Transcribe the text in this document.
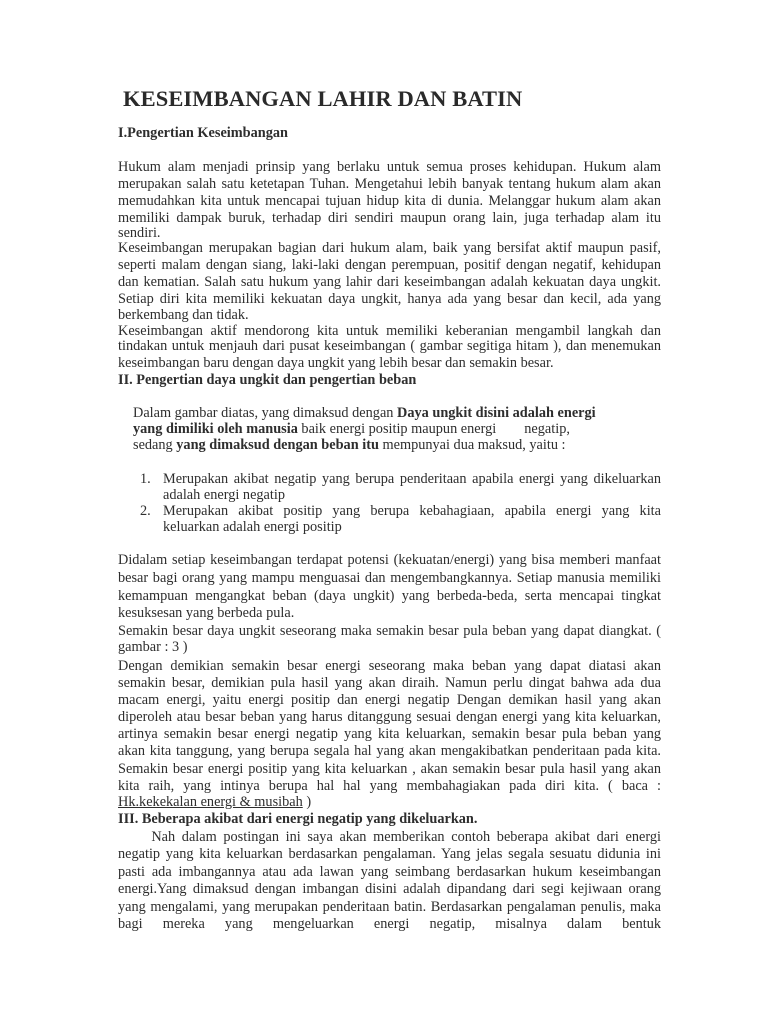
KESEIMBANGAN LAHIR DAN BATIN
I.Pengertian Keseimbangan
Hukum alam menjadi prinsip yang berlaku untuk semua proses kehidupan. Hukum alam
merupakan salah satu ketetapan Tuhan. Mengetahui lebih banyak tentang hukum alam akan
memudahkan kita untuk mencapai tujuan hidup kita di dunia. Melanggar hukum alam akan
memiliki dampak buruk, terhadap diri sendiri maupun orang lain, juga terhadap alam itu
sendiri.
Keseimbangan merupakan bagian dari hukum alam, baik yang bersifat aktif maupun pasif,
seperti malam dengan siang, laki-laki dengan perempuan, positif dengan negatif, kehidupan
dan kematian. Salah satu hukum yang lahir dari keseimbangan adalah kekuatan daya ungkit.
Setiap diri kita memiliki kekuatan daya ungkit, hanya ada yang besar dan kecil, ada yang
berkembang dan tidak.
Keseimbangan aktif mendorong kita untuk memiliki keberanian mengambil langkah dan
tindakan untuk menjauh dari pusat keseimbangan ( gambar segitiga hitam ), dan menemukan
keseimbangan baru dengan daya ungkit yang lebih besar dan semakin besar.
II. Pengertian daya ungkit dan pengertian beban
Dalam gambar diatas, yang dimaksud dengan Daya ungkit disini adalah energi
yang dimiliki oleh manusia baik energi positip maupun energi negatip,
sedang yang dimaksud dengan beban itu mempunyai dua maksud, yaitu :
1. Merupakan akibat negatip yang berupa penderitaan apabila energi yang dikeluarkan
adalah energi negatip
2. Merupakan akibat positip yang berupa kebahagiaan, apabila energi yang kita
keluarkan adalah energi positip
Didalam setiap keseimbangan terdapat potensi (kekuatan/energi) yang bisa memberi manfaat
besar bagi orang yang mampu menguasai dan mengembangkannya. Setiap manusia memiliki
kemampuan mengangkat beban (daya ungkit) yang berbeda-beda, serta mencapai tingkat
kesuksesan yang berbeda pula.
Semakin besar daya ungkit seseorang maka semakin besar pula beban yang dapat diangkat. (
gambar : 3 )
Dengan demikian semakin besar energi seseorang maka beban yang dapat diatasi akan
semakin besar, demikian pula hasil yang akan diraih. Namun perlu dingat bahwa ada dua
macam energi, yaitu energi positip dan energi negatip Dengan demikan hasil yang akan
diperoleh atau besar beban yang harus ditanggung sesuai dengan energi yang kita keluarkan,
artinya semakin besar energi negatip yang kita keluarkan, semakin besar pula beban yang
akan kita tanggung, yang berupa segala hal yang akan mengakibatkan penderitaan pada kita.
Semakin besar energi positip yang kita keluarkan , akan semakin besar pula hasil yang akan
kita raih, yang intinya berupa hal hal yang membahagiakan pada diri kita. ( baca :
Hk.kekekalan energi & musibah )
III. Beberapa akibat dari energi negatip yang dikeluarkan.
Nah dalam postingan ini saya akan memberikan contoh beberapa akibat dari energi
negatip yang kita keluarkan berdasarkan pengalaman. Yang jelas segala sesuatu didunia ini
pasti ada imbangannya atau ada lawan yang seimbang berdasarkan hukum keseimbangan
energi.Yang dimaksud dengan imbangan disini adalah dipandang dari segi kejiwaan orang
yang mengalami, yang merupakan penderitaan batin. Berdasarkan pengalaman penulis, maka
bagi mereka yang mengeluarkan energi negatip, misalnya dalam bentuk
